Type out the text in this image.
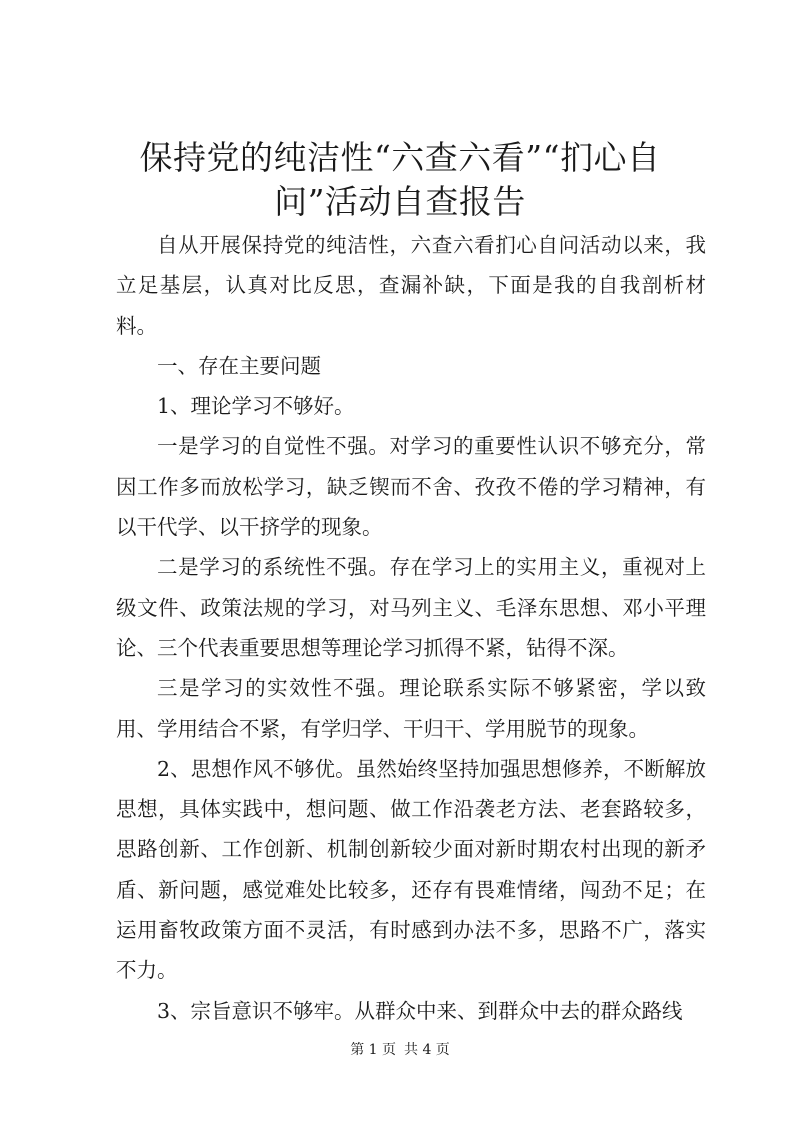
保持党的纯洁性“六查六看”“扪心自问”活动自查报告

自从开展保持党的纯洁性，六查六看扪心自问活动以来，我立足基层，认真对比反思，查漏补缺，下面是我的自我剖析材料。

一、存在主要问题

1、理论学习不够好。

一是学习的自觉性不强。对学习的重要性认识不够充分，常因工作多而放松学习，缺乏锲而不舍、孜孜不倦的学习精神，有以干代学、以干挤学的现象。

二是学习的系统性不强。存在学习上的实用主义，重视对上级文件、政策法规的学习，对马列主义、毛泽东思想、邓小平理论、三个代表重要思想等理论学习抓得不紧，钻得不深。

三是学习的实效性不强。理论联系实际不够紧密，学以致用、学用结合不紧，有学归学、干归干、学用脱节的现象。

2、思想作风不够优。虽然始终坚持加强思想修养，不断解放思想，具体实践中，想问题、做工作沿袭老方法、老套路较多，思路创新、工作创新、机制创新较少面对新时期农村出现的新矛盾、新问题，感觉难处比较多，还存有畏难情绪，闯劲不足；在运用畜牧政策方面不灵活，有时感到办法不多，思路不广，落实不力。

3、宗旨意识不够牢。从群众中来、到群众中去的群众路线

第 1 页 共 4 页
